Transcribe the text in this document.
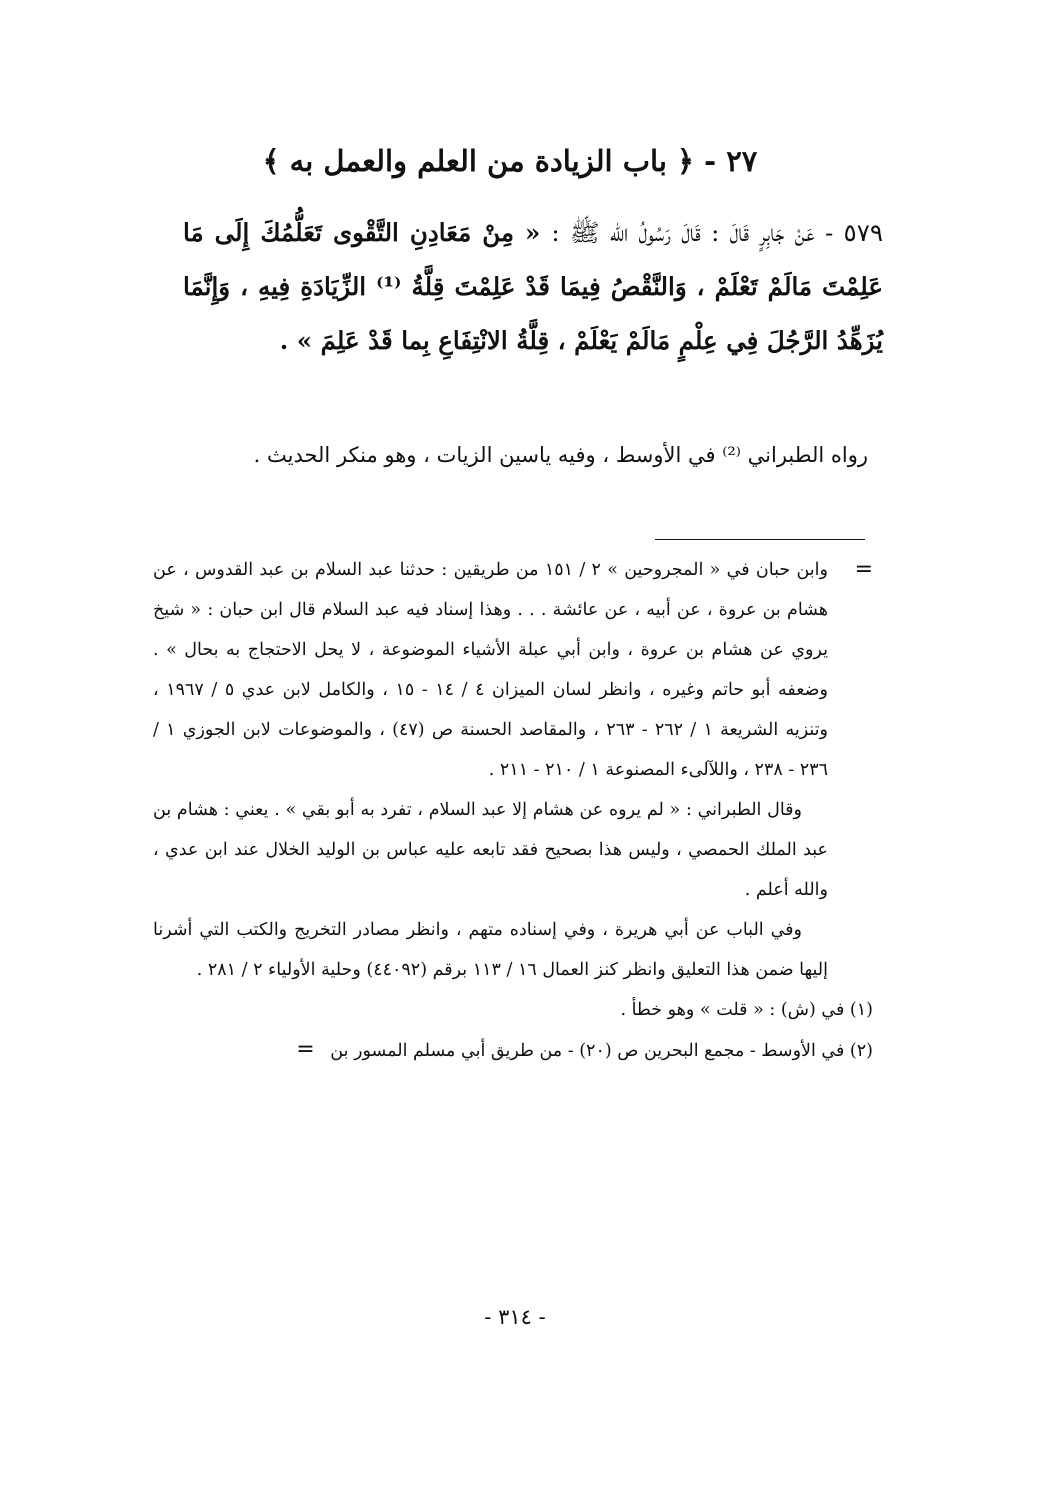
٢٧ - ﴿ باب الزيادة من العلم والعمل به ﴾
٥٧٩ - عَنْ جَابِرٍ قَالَ : قَالَ رَسُولُ الله ﷺ : « مِنْ مَعَادِنِ التَّقْوى تَعَلُّمُكَ إِلَى مَا عَلِمْتَ مَالَمْ تَعْلَمْ ، وَالنَّقْصُ فِيمَا قَدْ عَلِمْتَ قِلَّةُ ⁽¹⁾ الزِّيَادَةِ فِيهِ ، وَإِنَّمَا يُزَهِّدُ الرَّجُلَ فِي عِلْمٍ مَالَمْ يَعْلَمْ ، قِلَّةُ الانْتِفَاعِ بِما قَدْ عَلِمَ » .
رواه الطبراني ⁽²⁾ في الأوسط ، وفيه ياسين الزيات ، وهو منكر الحديث .
=

وابن حبان في « المجروحين » ٢ / ١٥١ من طريقين : حدثنا عبد السلام بن عبد القدوس ، عن هشام بن عروة ، عن أبيه ، عن عائشة . . . وهذا إسناد فيه عبد السلام قال ابن حبان : « شيخ يروي عن هشام بن عروة ، وابن أبي عبلة الأشياء الموضوعة ، لا يحل الاحتجاج به بحال » . وضعفه أبو حاتم وغيره ، وانظر لسان الميزان ٤ / ١٤ - ١٥ ، والكامل لابن عدي ٥ / ١٩٦٧ ، وتنزيه الشريعة ١ / ٢٦٢ - ٢٦٣ ، والمقاصد الحسنة ص (٤٧) ، والموضوعات لابن الجوزي ١ / ٢٣٦ - ٢٣٨ ، واللآلىء المصنوعة ١ / ٢١٠ - ٢١١ .

وقال الطبراني : « لم يروه عن هشام إلا عبد السلام ، تفرد به أبو بقي » . يعني : هشام بن عبد الملك الحمصي ، وليس هذا بصحيح فقد تابعه عليه عباس بن الوليد الخلال عند ابن عدي ، والله أعلم .

وفي الباب عن أبي هريرة ، وفي إسناده متهم ، وانظر مصادر التخريج والكتب التي أشرنا إليها ضمن هذا التعليق وانظر كنز العمال ١٦ / ١١٣ برقم (٤٤٠٩٢) وحلية الأولياء ٢ / ٢٨١ .

(١) في (ش) : « قلت » وهو خطأ .
(٢) في الأوسط - مجمع البحرين ص (٢٠) - من طريق أبي مسلم المسور بن =
- ٣١٤ -
